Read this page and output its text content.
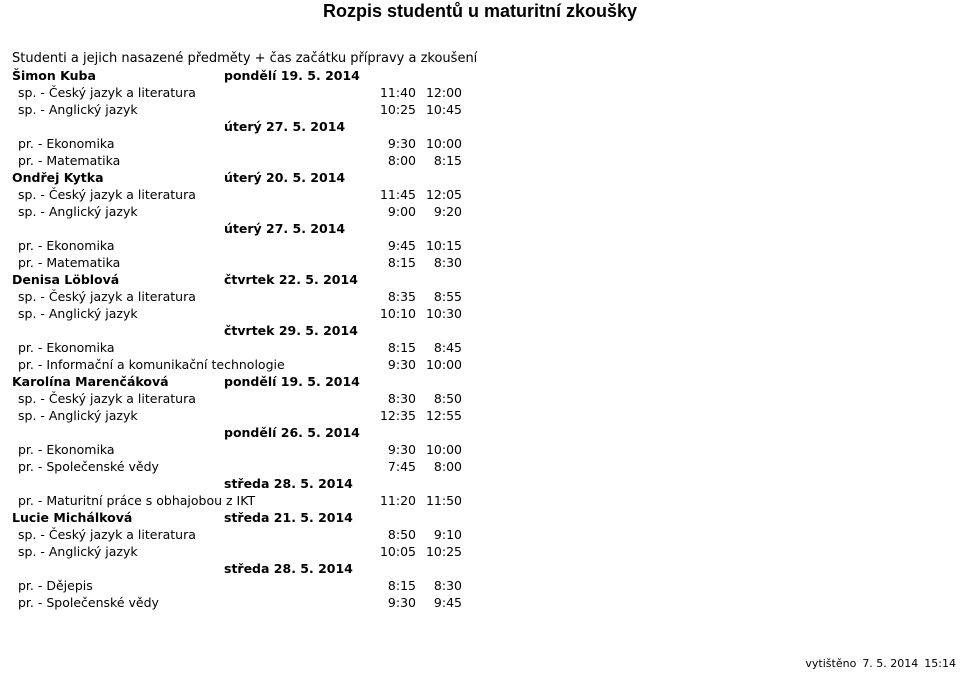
Rozpis studentů u maturitní zkoušky
Studenti a jejich nasazené předměty + čas začátku přípravy a zkoušení
Šimon Kuba	pondělí 19. 5. 2014
sp. - Český jazyk a literatura	11:40 12:00
sp. - Anglický jazyk	10:25 10:45
úterý 27. 5. 2014
pr. - Ekonomika	9:30 10:00
pr. - Matematika	8:00 8:15
Ondřej Kytka	úterý 20. 5. 2014
sp. - Český jazyk a literatura	11:45 12:05
sp. - Anglický jazyk	9:00 9:20
úterý 27. 5. 2014
pr. - Ekonomika	9:45 10:15
pr. - Matematika	8:15 8:30
Denisa Löblová	čtvrtek 22. 5. 2014
sp. - Český jazyk a literatura	8:35 8:55
sp. - Anglický jazyk	10:10 10:30
čtvrtek 29. 5. 2014
pr. - Ekonomika	8:15 8:45
pr. - Informační a komunikační technologie	9:30 10:00
Karolína Marenčáková	pondělí 19. 5. 2014
sp. - Český jazyk a literatura	8:30 8:50
sp. - Anglický jazyk	12:35 12:55
pondělí 26. 5. 2014
pr. - Ekonomika	9:30 10:00
pr. - Společenské vědy	7:45 8:00
středa 28. 5. 2014
pr. - Maturitní práce s obhajobou z IKT	11:20 11:50
Lucie Michálková	středa 21. 5. 2014
sp. - Český jazyk a literatura	8:50 9:10
sp. - Anglický jazyk	10:05 10:25
středa 28. 5. 2014
pr. - Dějepis	8:15 8:30
pr. - Společenské vědy	9:30 9:45
vytištěno 7. 5. 2014 15:14
